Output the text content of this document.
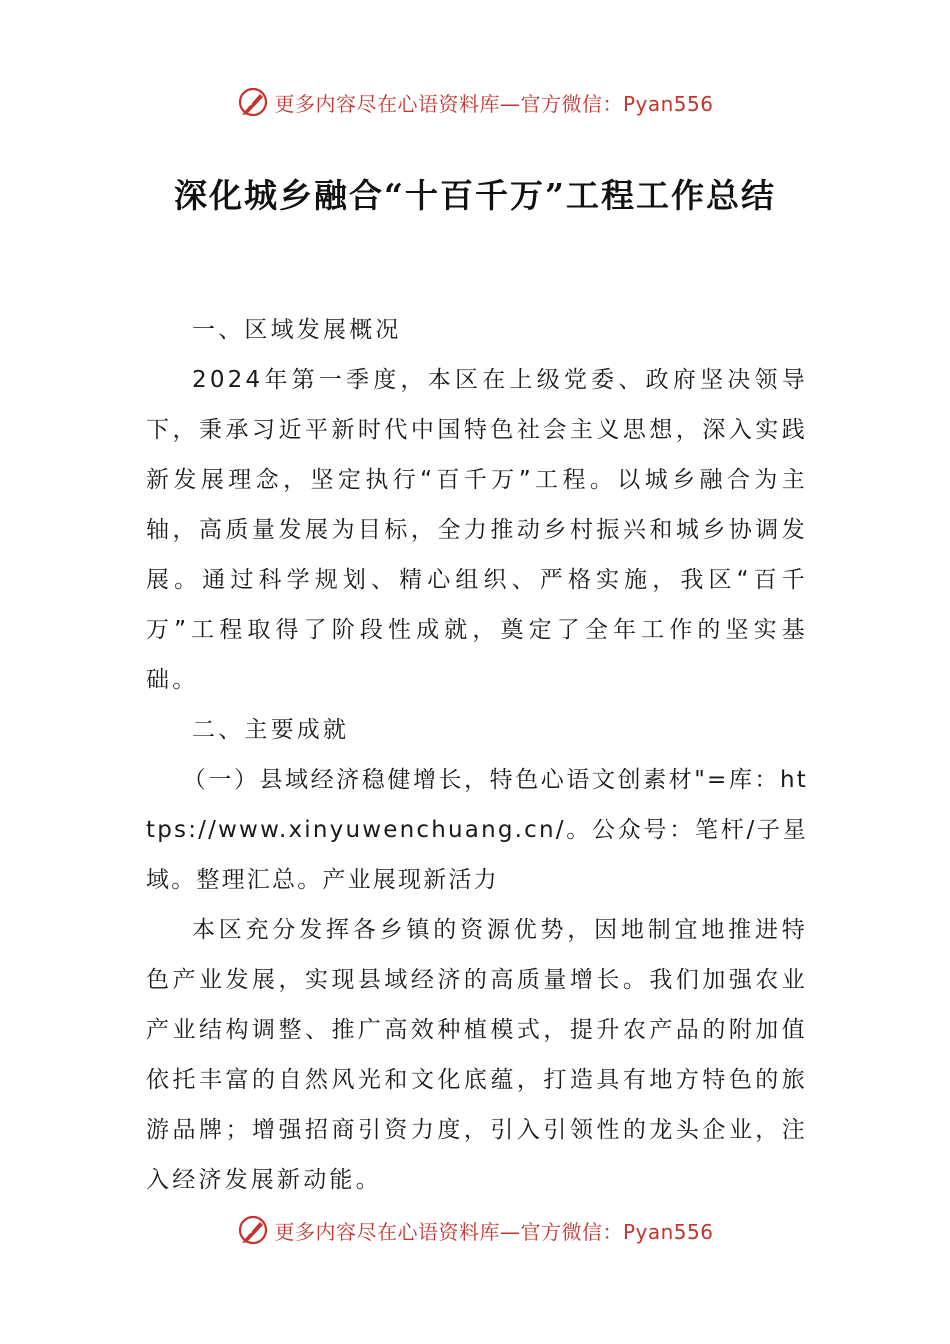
更多内容尽在心语资料库—官方微信：Pyan556
深化城乡融合“十百千万”工程工作总结

一、区域发展概况

2024年第一季度，本区在上级党委、政府坚决领导下，秉承习近平新时代中国特色社会主义思想，深入实践新发展理念，坚定执行“百千万”工程。以城乡融合为主轴，高质量发展为目标，全力推动乡村振兴和城乡协调发展。通过科学规划、精心组织、严格实施，我区“百千万”工程取得了阶段性成就，奠定了全年工作的坚实基础。

二、主要成就

（一）县域经济稳健增长，特色心语文创素材"=库：https://www.xinyuwenchuang.cn/。公众号：笔杆/子星域。整理汇总。产业展现新活力

本区充分发挥各乡镇的资源优势，因地制宜地推进特色产业发展，实现县域经济的高质量增长。我们加强农业产业结构调整、推广高效种植模式，提升农产品的附加值依托丰富的自然风光和文化底蕴，打造具有地方特色的旅游品牌；增强招商引资力度，引入引领性的龙头企业，注入经济发展新动能。

更多内容尽在心语资料库—官方微信：Pyan556
